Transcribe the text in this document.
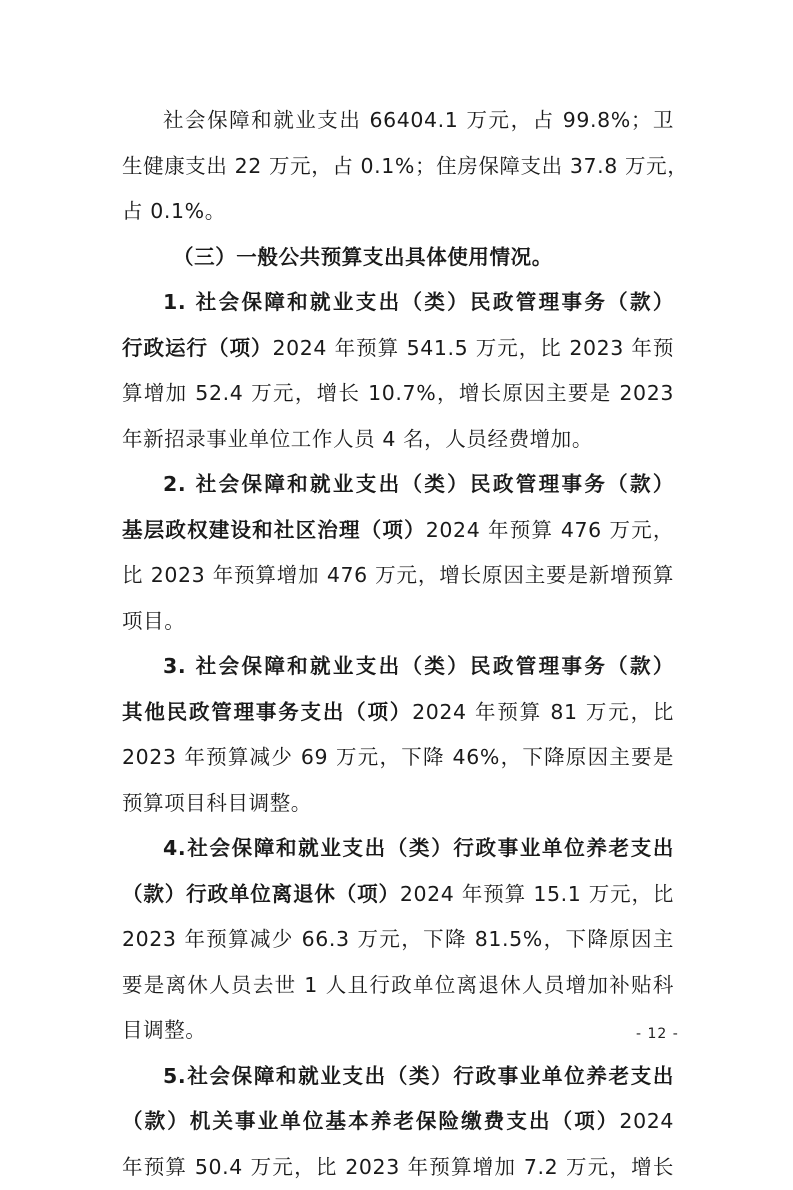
社会保障和就业支出 66404.1 万元，占 99.8%；卫
生健康支出 22 万元，占 0.1%；住房保障支出 37.8 万元，
占 0.1%。
（三）一般公共预算支出具体使用情况。
1. 社会保障和就业支出（类）民政管理事务（款）
行政运行（项）2024 年预算 541.5 万元，比 2023 年预
算增加 52.4 万元，增长 10.7%，增长原因主要是 2023
年新招录事业单位工作人员 4 名，人员经费增加。
2. 社会保障和就业支出（类）民政管理事务（款）
基层政权建设和社区治理（项）2024 年预算 476 万元，
比 2023 年预算增加 476 万元，增长原因主要是新增预算
项目。
3. 社会保障和就业支出（类）民政管理事务（款）
其他民政管理事务支出（项）2024 年预算 81 万元，比
2023 年预算减少 69 万元，下降 46%，下降原因主要是
预算项目科目调整。
4.社会保障和就业支出（类）行政事业单位养老支出
（款）行政单位离退休（项）2024 年预算 15.1 万元，比
2023 年预算减少 66.3 万元，下降 81.5%，下降原因主
要是离休人员去世 1 人且行政单位离退休人员增加补贴科
目调整。
5.社会保障和就业支出（类）行政事业单位养老支出
（款）机关事业单位基本养老保险缴费支出（项）2024
年预算 50.4 万元，比 2023 年预算增加 7.2 万元，增长
- 12 -
